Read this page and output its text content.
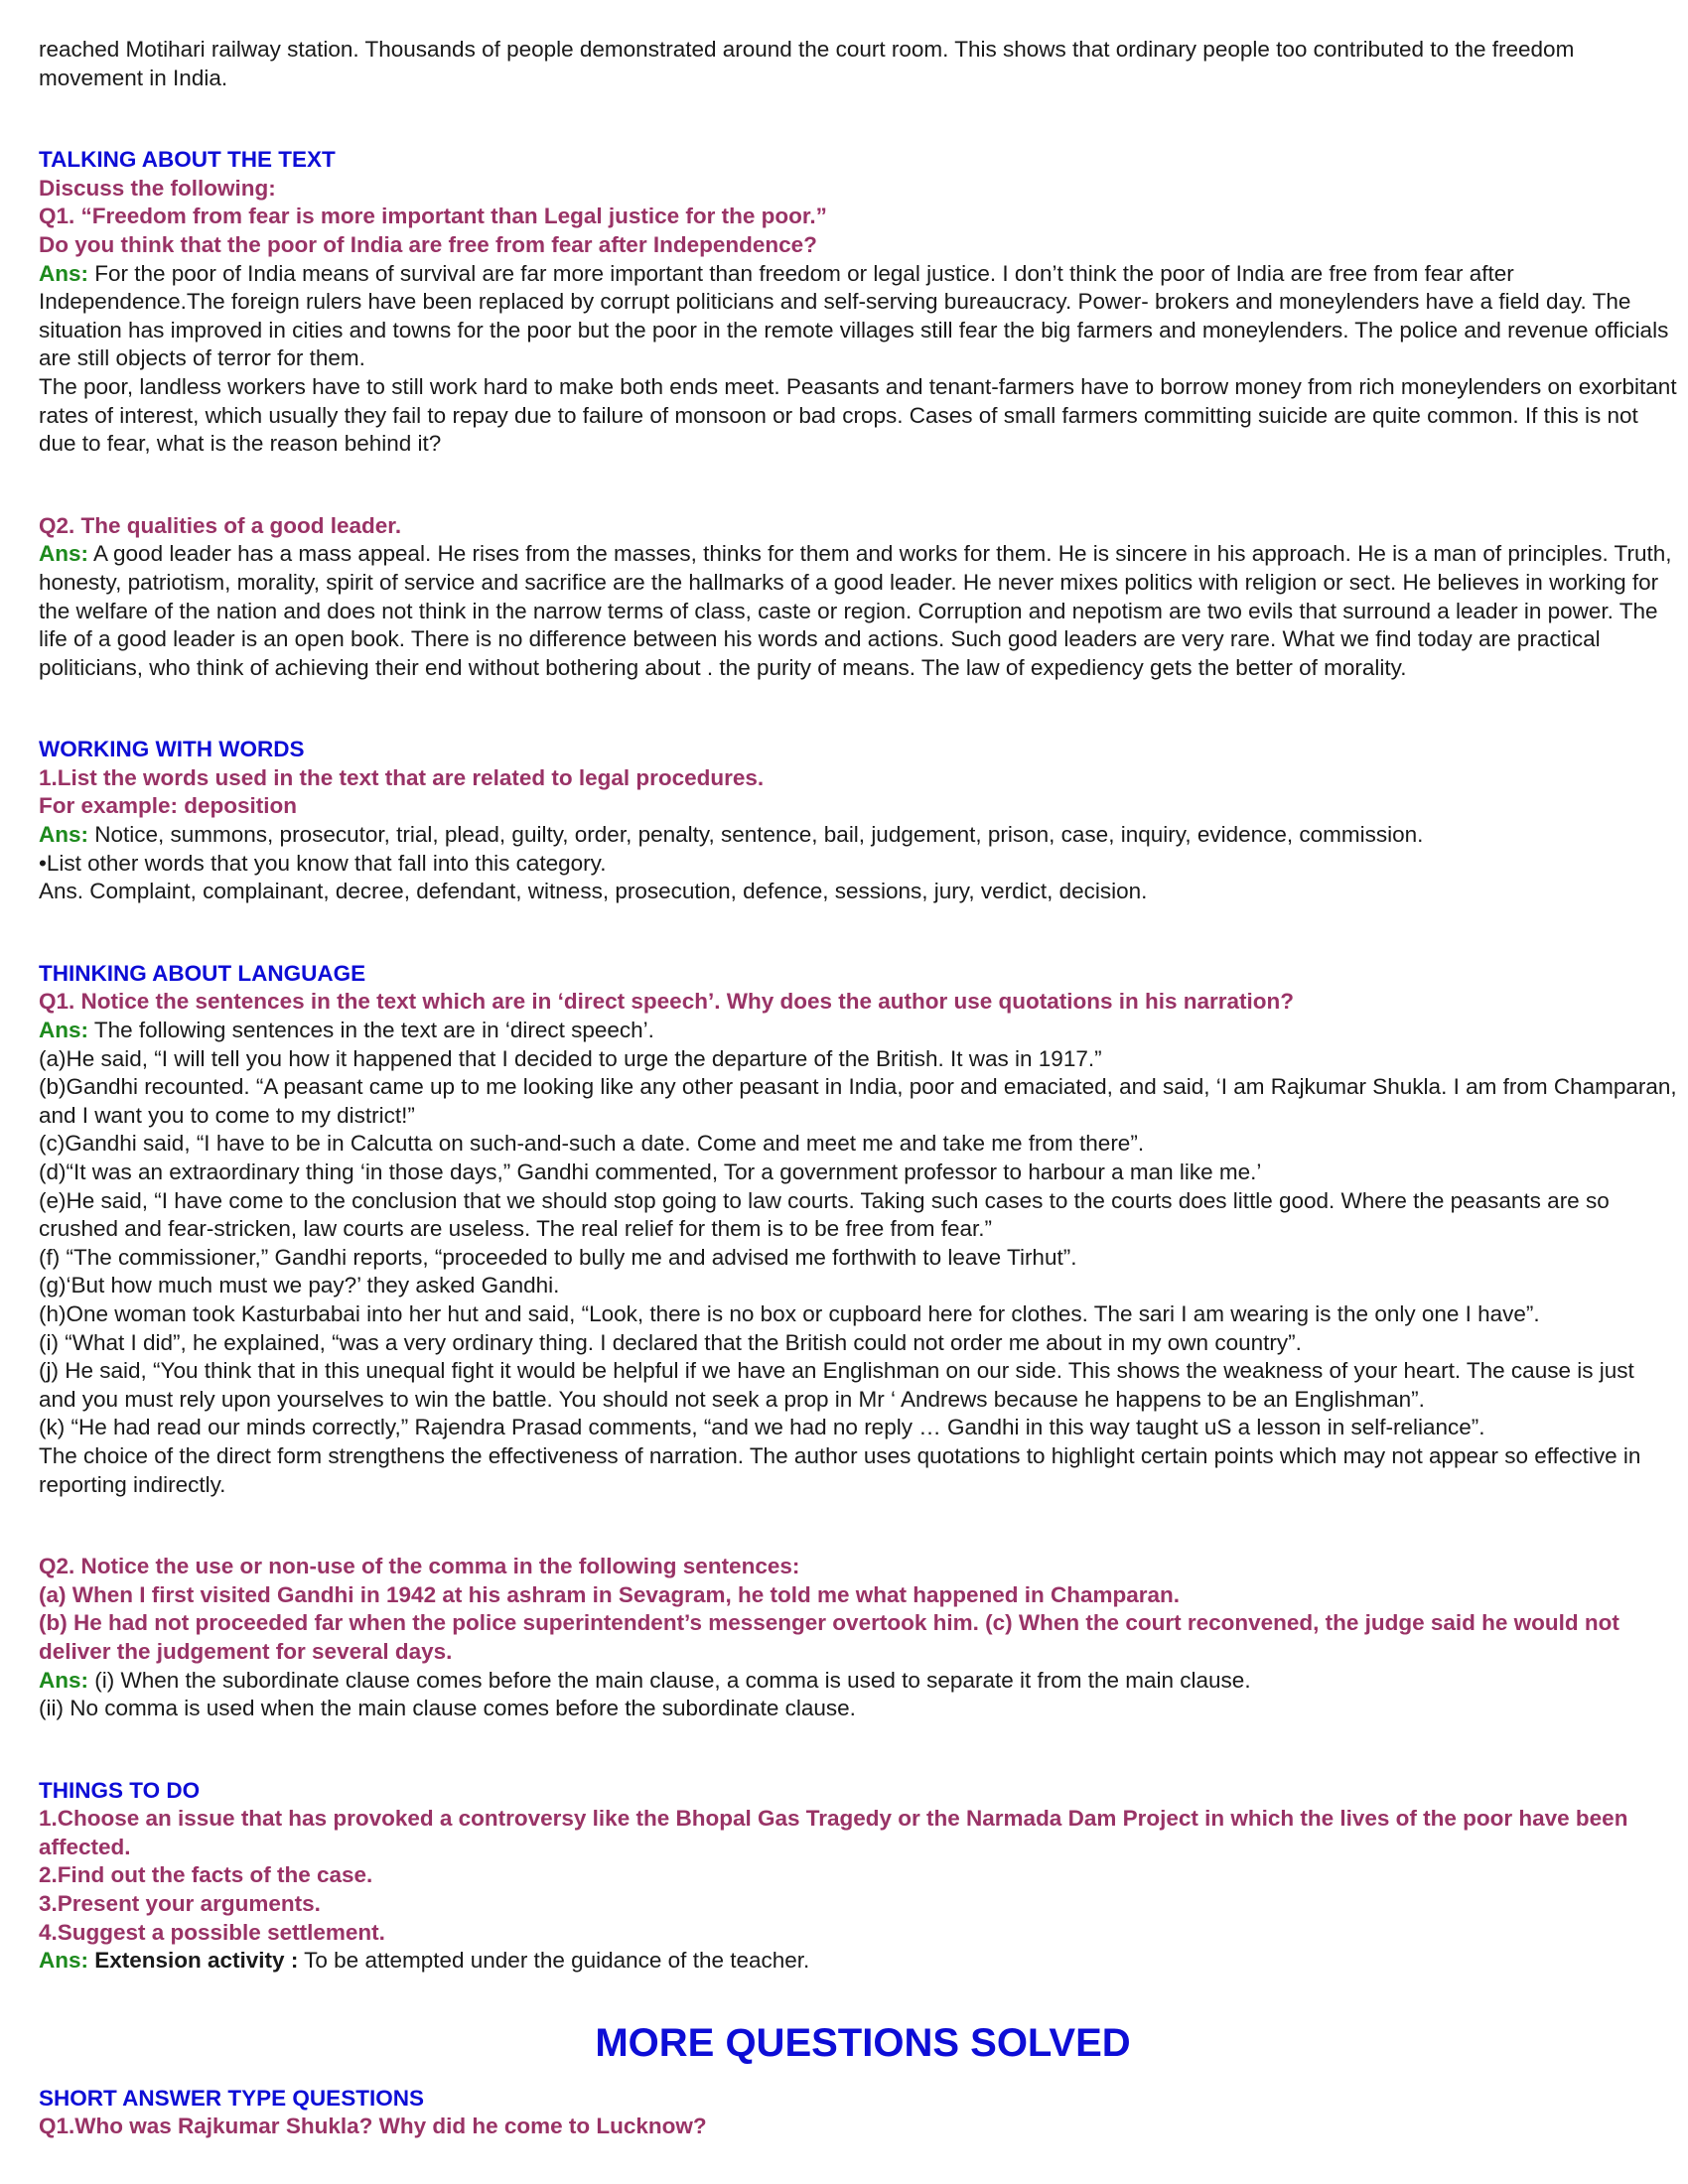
reached Motihari railway station. Thousands of people demonstrated around the court room. This shows that ordinary people too contributed to the freedom movement in India.

TALKING ABOUT THE TEXT

Discuss the following:

Q1. “Freedom from fear is more important than Legal justice for the poor.”

Do you think that the poor of India are free from fear after Independence?

Ans: For the poor of India means of survival are far more important than freedom or legal justice. I don’t think the poor of India are free from fear after Independence.The foreign rulers have been replaced by corrupt politicians and self-serving bureaucracy. Power- brokers and moneylenders have a field day. The situation has improved in cities and towns for the poor but the poor in the remote villages still fear the big farmers and moneylenders. The police and revenue officials are still objects of terror for them.

The poor, landless workers have to still work hard to make both ends meet. Peasants and tenant-farmers have to borrow money from rich moneylenders on exorbitant rates of interest, which usually they fail to repay due to failure of monsoon or bad crops. Cases of small farmers committing suicide are quite common. If this is not due to fear, what is the reason behind it?

Q2. The qualities of a good leader.

Ans: A good leader has a mass appeal. He rises from the masses, thinks for them and works for them. He is sincere in his approach. He is a man of principles. Truth, honesty, patriotism, morality, spirit of service and sacrifice are the hallmarks of a good leader. He never mixes politics with religion or sect. He believes in working for the welfare of the nation and does not think in the narrow terms of class, caste or region. Corruption and nepotism are two evils that surround a leader in power. The life of a good leader is an open book. There is no difference between his words and actions. Such good leaders are very rare. What we find today are practical politicians, who think of achieving their end without bothering about . the purity of means. The law of expediency gets the better of morality.

WORKING WITH WORDS

1.List the words used in the text that are related to legal procedures.

For example: deposition

Ans: Notice, summons, prosecutor, trial, plead, guilty, order, penalty, sentence, bail, judgement, prison, case, inquiry, evidence, commission.

•List other words that you know that fall into this category.

Ans. Complaint, complainant, decree, defendant, witness, prosecution, defence, sessions, jury, verdict, decision.

THINKING ABOUT LANGUAGE

Q1. Notice the sentences in the text which are in ‘direct speech’. Why does the author use quotations in his narration?

Ans: The following sentences in the text are in ‘direct speech’.

(a)He said, “I will tell you how it happened that I decided to urge the departure of the British. It was in 1917.”

(b)Gandhi recounted. “A peasant came up to me looking like any other peasant in India, poor and emaciated, and said, ‘I am Rajkumar Shukla. I am from Champaran, and I want you to come to my district!”

(c)Gandhi said, “I have to be in Calcutta on such-and-such a date. Come and meet me and take me from there”.

(d)“It was an extraordinary thing ‘in those days,” Gandhi commented, Tor a government professor to harbour a man like me.’

(e)He said, “I have come to the conclusion that we should stop going to law courts. Taking such cases to the courts does little good. Where the peasants are so crushed and fear-stricken, law courts are useless. The real relief for them is to be free from fear.”

(f) “The commissioner,” Gandhi reports, “proceeded to bully me and advised me forthwith to leave Tirhut”.

(g)‘But how much must we pay?’ they asked Gandhi.

(h)One woman took Kasturbabai into her hut and said, “Look, there is no box or cupboard here for clothes. The sari I am wearing is the only one I have”.

(i) “What I did”, he explained, “was a very ordinary thing. I declared that the British could not order me about in my own country”.

(j) He said, “You think that in this unequal fight it would be helpful if we have an Englishman on our side. This shows the weakness of your heart. The cause is just and you must rely upon yourselves to win the battle. You should not seek a prop in Mr ‘ Andrews because he happens to be an Englishman”.

(k) “He had read our minds correctly,” Rajendra Prasad comments, “and we had no reply … Gandhi in this way taught uS a lesson in self-reliance”.

The choice of the direct form strengthens the effectiveness of narration. The author uses quotations to highlight certain points which may not appear so effective in reporting indirectly.

Q2. Notice the use or non-use of the comma in the following sentences:

(a) When I first visited Gandhi in 1942 at his ashram in Sevagram, he told me what happened in Champaran.

(b) He had not proceeded far when the police superintendent’s messenger overtook him. (c) When the court reconvened, the judge said he would not deliver the judgement for several days.

Ans: (i) When the subordinate clause comes before the main clause, a comma is used to separate it from the main clause.

(ii) No comma is used when the main clause comes before the subordinate clause.

THINGS TO DO

1.Choose an issue that has provoked a controversy like the Bhopal Gas Tragedy or the Narmada Dam Project in which the lives of the poor have been affected.

2.Find out the facts of the case.

3.Present your arguments.

4.Suggest a possible settlement.

Ans: Extension activity : To be attempted under the guidance of the teacher.

MORE QUESTIONS SOLVED

SHORT ANSWER TYPE QUESTIONS

Q1.Who was Rajkumar Shukla? Why did he come to Lucknow?
